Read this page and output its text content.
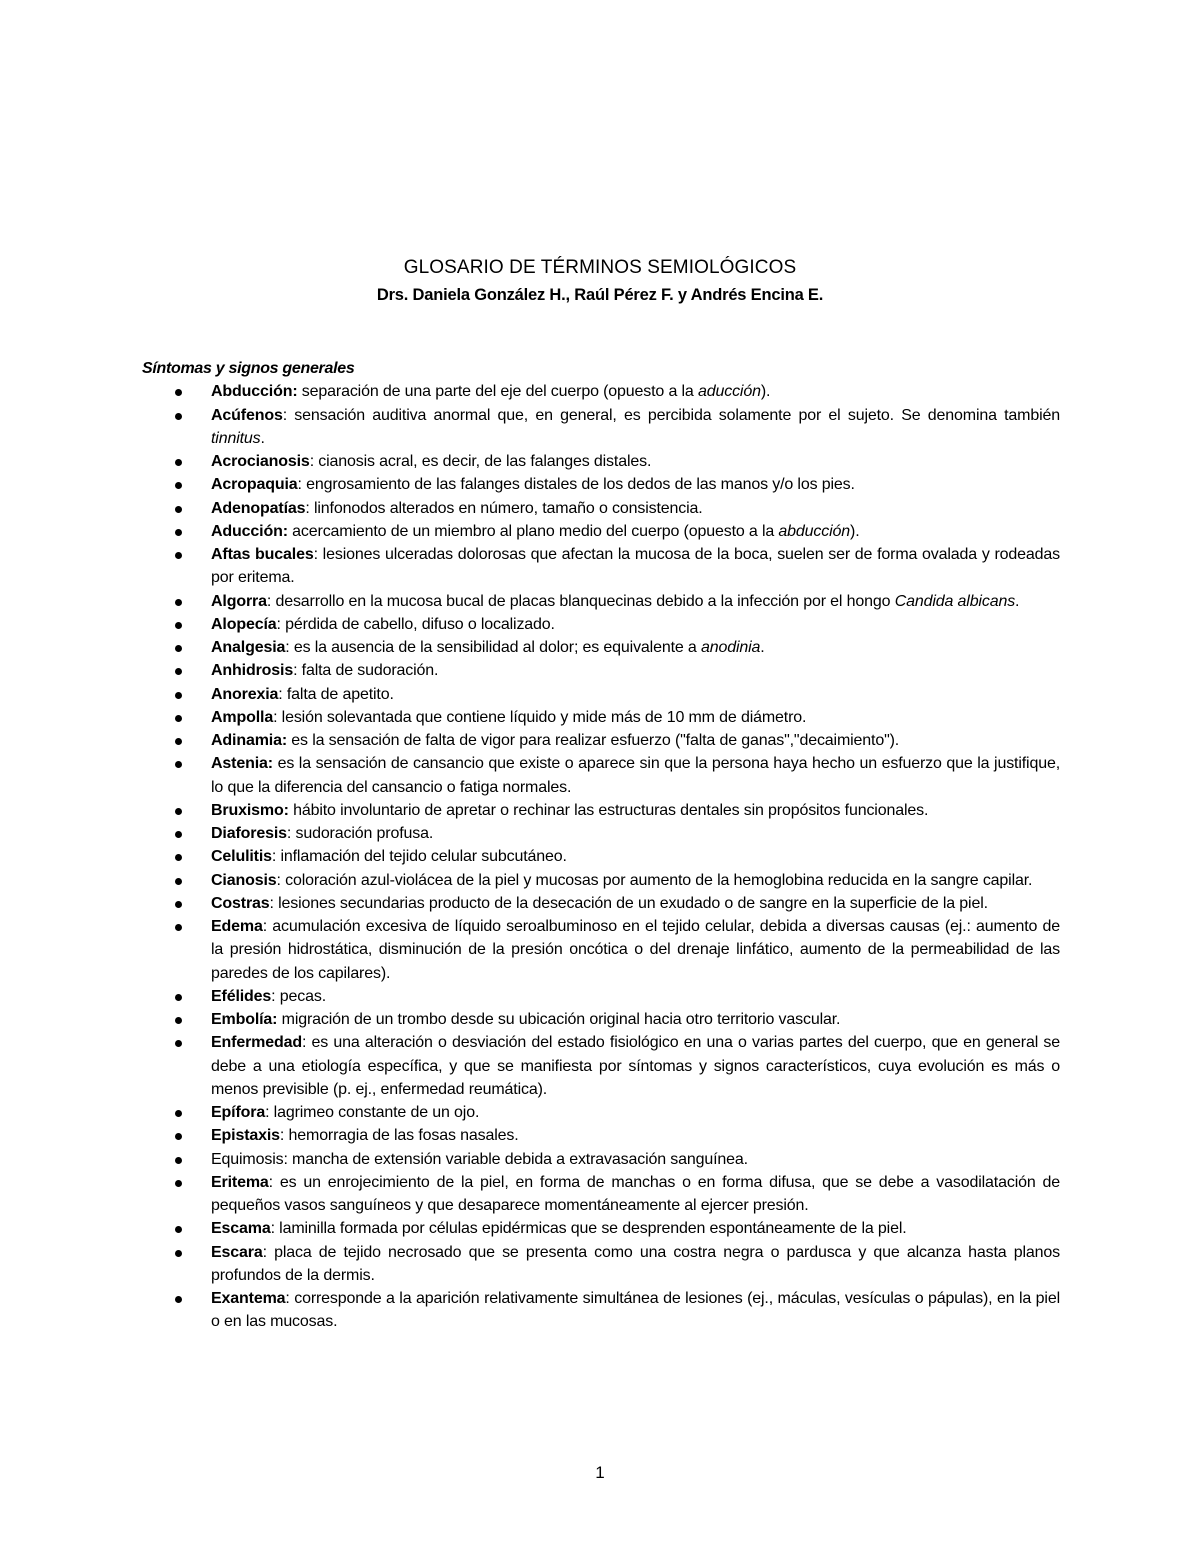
GLOSARIO DE TÉRMINOS SEMIOLÓGICOS
Drs. Daniela González H., Raúl Pérez F. y Andrés Encina E.
Síntomas y signos generales
Abducción: separación de una parte del eje del cuerpo (opuesto a la aducción).
Acúfenos: sensación auditiva anormal que, en general, es percibida solamente por el sujeto. Se denomina también tinnitus.
Acrocianosis: cianosis acral, es decir, de las falanges distales.
Acropaquia: engrosamiento de las falanges distales de los dedos de las manos y/o los pies.
Adenopatías: linfonodos alterados en número, tamaño o consistencia.
Aducción: acercamiento de un miembro al plano medio del cuerpo (opuesto a la abducción).
Aftas bucales: lesiones ulceradas dolorosas que afectan la mucosa de la boca, suelen ser de forma ovalada y rodeadas por eritema.
Algorra: desarrollo en la mucosa bucal de placas blanquecinas debido a la infección por el hongo Candida albicans.
Alopecía: pérdida de cabello, difuso o localizado.
Analgesia: es la ausencia de la sensibilidad al dolor; es equivalente a anodinia.
Anhidrosis: falta de sudoración.
Anorexia: falta de apetito.
Ampolla: lesión solevantada que contiene líquido y mide más de 10 mm de diámetro.
Adinamia: es la sensación de falta de vigor para realizar esfuerzo ("falta de ganas","decaimiento").
Astenia: es la sensación de cansancio que existe o aparece sin que la persona haya hecho un esfuerzo que la justifique, lo que la diferencia del cansancio o fatiga normales.
Bruxismo: hábito involuntario de apretar o rechinar las estructuras dentales sin propósitos funcionales.
Diaforesis: sudoración profusa.
Celulitis: inflamación del tejido celular subcutáneo.
Cianosis: coloración azul-violácea de la piel y mucosas por aumento de la hemoglobina reducida en la sangre capilar.
Costras: lesiones secundarias producto de la desecación de un exudado o de sangre en la superficie de la piel.
Edema: acumulación excesiva de líquido seroalbuminoso en el tejido celular, debida a diversas causas (ej.: aumento de la presión hidrostática, disminución de la presión oncótica o del drenaje linfático, aumento de la permeabilidad de las paredes de los capilares).
Efélides: pecas.
Embolía: migración de un trombo desde su ubicación original hacia otro territorio vascular.
Enfermedad: es una alteración o desviación del estado fisiológico en una o varias partes del cuerpo, que en general se debe a una etiología específica, y que se manifiesta por síntomas y signos característicos, cuya evolución es más o menos previsible (p. ej., enfermedad reumática).
Epífora: lagrimeo constante de un ojo.
Epistaxis: hemorragia de las fosas nasales.
Equimosis: mancha de extensión variable debida a extravasación sanguínea.
Eritema: es un enrojecimiento de la piel, en forma de manchas o en forma difusa, que se debe a vasodilatación de pequeños vasos sanguíneos y que desaparece momentáneamente al ejercer presión.
Escama: laminilla formada por células epidérmicas que se desprenden espontáneamente de la piel.
Escara: placa de tejido necrosado que se presenta como una costra negra o pardusca y que alcanza hasta planos profundos de la dermis.
Exantema: corresponde a la aparición relativamente simultánea de lesiones (ej., máculas, vesículas o pápulas), en la piel o en las mucosas.
1
